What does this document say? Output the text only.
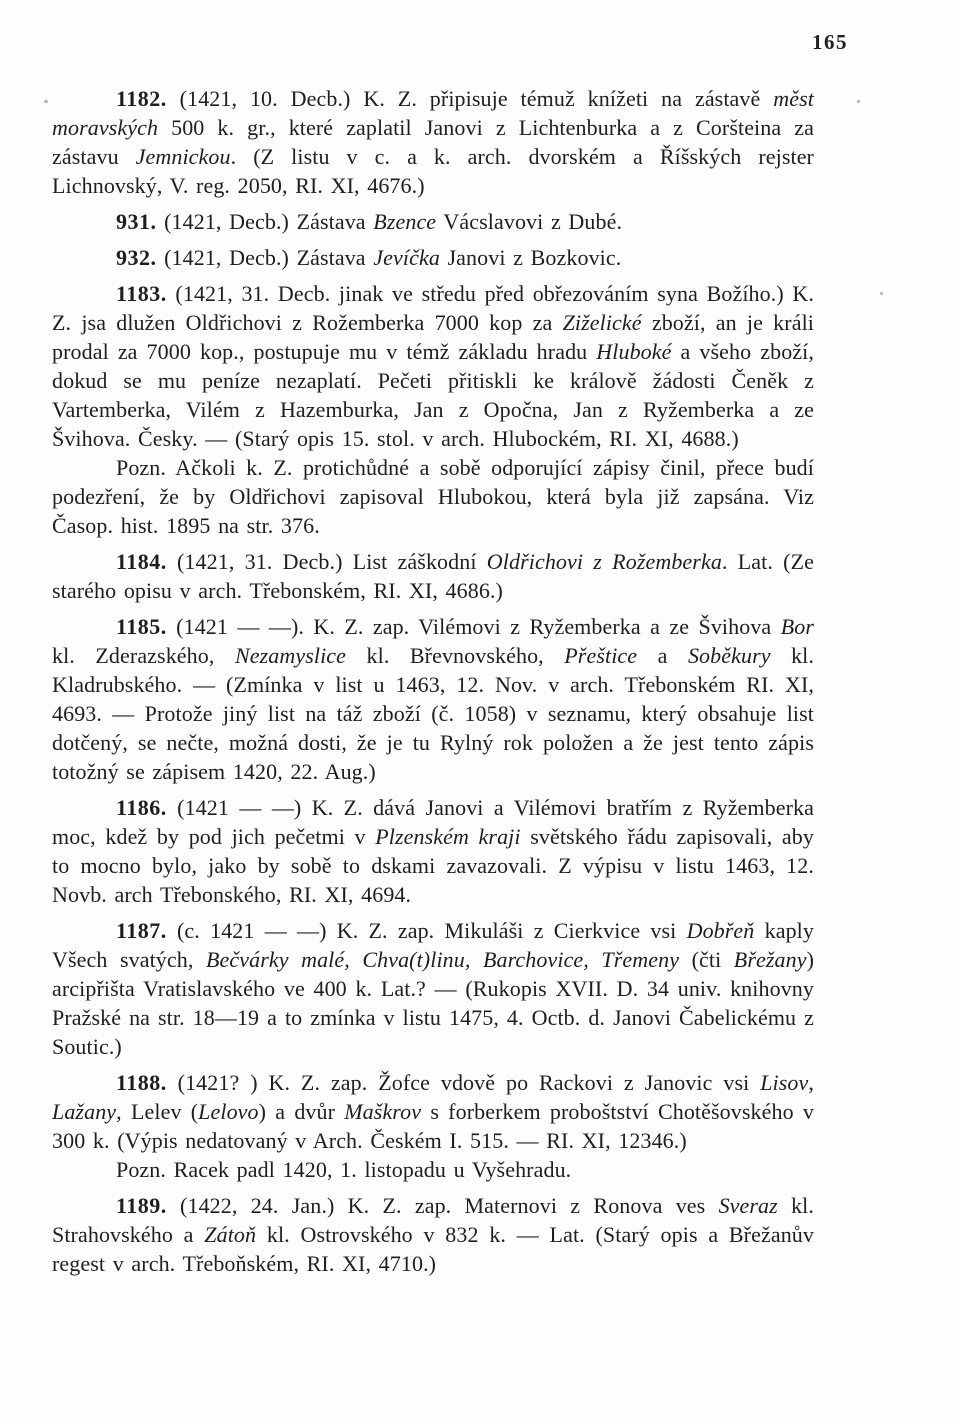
165

1182. (1421, 10. Decb.) K. Z. připisuje témuž knížeti na zástavě měst moravských 500 k. gr., které zaplatil Janovi z Lichtenburka a z Coršteina za zástavu Jemnickou. (Z listu v c. a k. arch. dvorském a Říšských rejster Lichnovský, V. reg. 2050, RI. XI, 4676.)

931. (1421, Decb.) Zástava Bzence Vácslavovi z Dubé.

932. (1421, Decb.) Zástava Jevíčka Janovi z Bozkovic.

1183. (1421, 31. Decb. jinak ve středu před obřezováním syna Božího.) K. Z. jsa dlužen Oldřichovi z Rožemberka 7000 kop za Ziželické zboží, an je králi prodal za 7000 kop., postupuje mu v témž základu hradu Hluboké a všeho zboží, dokud se mu peníze nezaplatí. Pečeti přitiskli ke králově žádosti Čeněk z Vartemberka, Vilém z Hazemburka, Jan z Opočna, Jan z Ryžemberka a ze Švihova. Česky. — (Starý opis 15. stol. v arch. Hlubockém, RI. XI, 4688.)

Pozn. Ačkoli k. Z. protichůdné a sobě odporující zápisy činil, přece budí podezření, že by Oldřichovi zapisoval Hlubokou, která byla již zapsána. Viz Časop. hist. 1895 na str. 376.

1184. (1421, 31. Decb.) List záškodní Oldřichovi z Rožemberka. Lat. (Ze starého opisu v arch. Třebonském, RI. XI, 4686.)

1185. (1421 — —). K. Z. zap. Vilémovi z Ryžemberka a ze Švihova Bor kl. Zderazského, Nezamyslice kl. Břevnovského, Přeštice a Soběkury kl. Kladrubského. — (Zmínka v list u 1463, 12. Nov. v arch. Třebonském RI. XI, 4693. — Protože jiný list na táž zboží (č. 1058) v seznamu, který obsahuje list dotčený, se nečte, možná dosti, že je tu Rylný rok položen a že jest tento zápis totožný se zápisem 1420, 22. Aug.)

1186. (1421 — —) K. Z. dává Janovi a Vilémovi bratřím z Ryžemberka moc, kdež by pod jich pečetmi v Plzenském kraji světského řádu zapisovali, aby to mocno bylo, jako by sobě to dskami zavazovali. Z výpisu v listu 1463, 12. Novb. arch Třebonského, RI. XI, 4694.

1187. (c. 1421 — —) K. Z. zap. Mikuláši z Cierkvice vsi Dobřeň kaply Všech svatých, Bečvárky malé, Chva(t)linu, Barchovice, Třemeny (čti Břežany) arcipřišta Vratislavského ve 400 k. Lat.? — (Rukopis XVII. D. 34 univ. knihovny Pražské na str. 18—19 a to zmínka v listu 1475, 4. Octb. d. Janovi Čabelickému z Soutic.)

1188. (1421? ) K. Z. zap. Žofce vdově po Rackovi z Janovic vsi Lisov, Lažany, Lelev (Lelovo) a dvůr Maškrov s forberkem proboštství Chotěšovského v 300 k. (Výpis nedatovaný v Arch. Českém I. 515. — RI. XI, 12346.)

Pozn. Racek padl 1420, 1. listopadu u Vyšehradu.

1189. (1422, 24. Jan.) K. Z. zap. Maternovi z Ronova ves Sveraz kl. Strahovského a Zátoň kl. Ostrovského v 832 k. — Lat. (Starý opis a Břežanův regest v arch. Třeboňském, RI. XI, 4710.)
